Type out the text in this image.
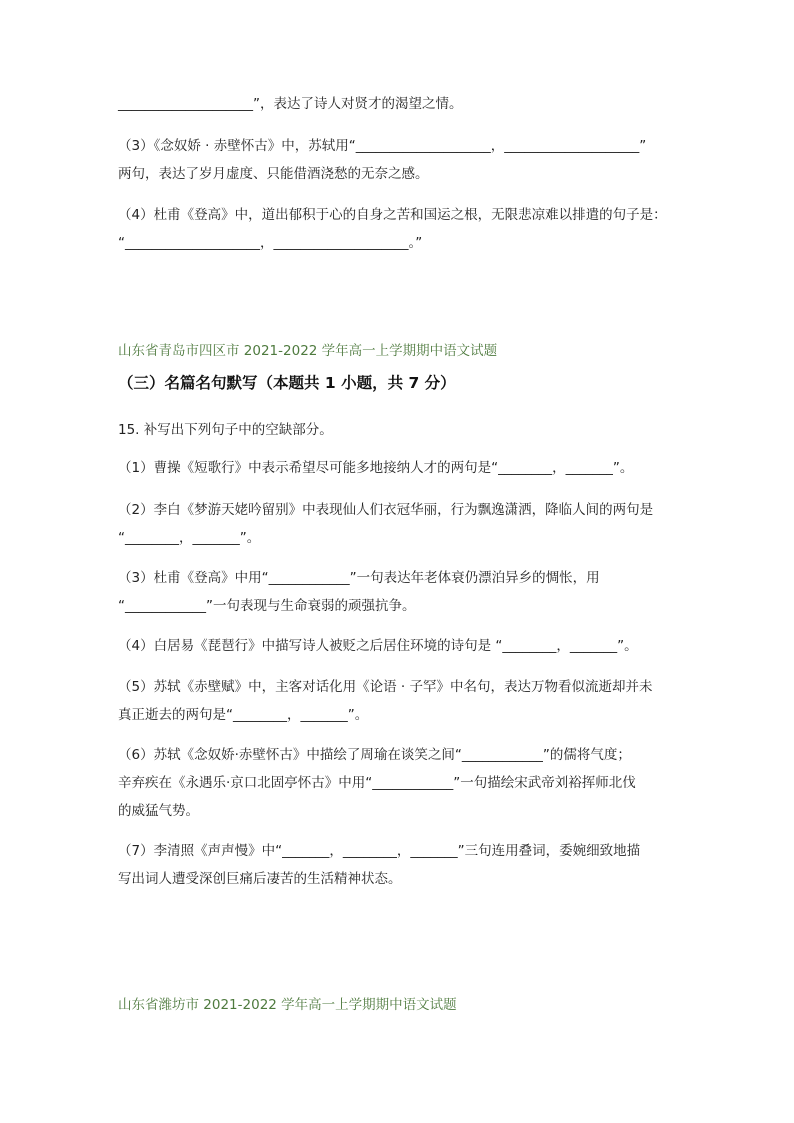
____________________”，表达了诗人对贤才的渴望之情。
（3）《念奴娇 · 赤壁怀古》中，苏轼用“____________________，____________________”
两句，表达了岁月虚度、只能借酒浇愁的无奈之感。
（4）杜甫《登高》中，道出郁积于心的自身之苦和国运之根，无限悲凉难以排遣的句子是：
“____________________，____________________。”
山东省青岛市四区市 2021-2022 学年高一上学期期中语文试题
（三）名篇名句默写（本题共 1 小题，共 7 分）
15. 补写出下列句子中的空缺部分。
（1）曹操《短歌行》中表示希望尽可能多地接纳人才的两句是“________，_______”。
（2）李白《梦游天姥吟留别》中表现仙人们衣冠华丽，行为飘逸潇洒，降临人间的两句是
“________，_______”。
（3）杜甫《登高》中用“____________”一句表达年老体衰仍漂泊异乡的惆怅，用
“____________”一句表现与生命衰弱的顽强抗争。
（4）白居易《琵琶行》中描写诗人被贬之后居住环境的诗句是 “________，_______”。
（5）苏轼《赤壁赋》中，主客对话化用《论语 · 子罕》中名句，表达万物看似流逝却并未
真正逝去的两句是“________，_______”。
（6）苏轼《念奴娇·赤壁怀古》中描绘了周瑜在谈笑之间“____________”的儒将气度；
辛弃疾在《永遇乐·京口北固亭怀古》中用“____________”一句描绘宋武帝刘裕挥师北伐
的威猛气势。
（7）李清照《声声慢》中“_______，________，_______”三句连用叠词，委婉细致地描
写出词人遭受深创巨痛后凄苦的生活精神状态。
山东省潍坊市 2021-2022 学年高一上学期期中语文试题
